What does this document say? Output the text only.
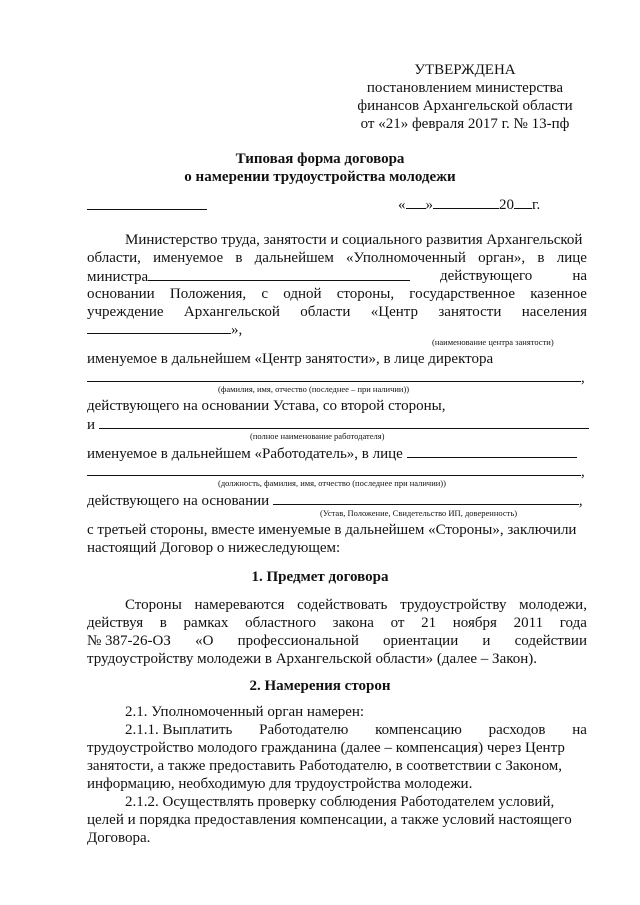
УТВЕРЖДЕНА
постановлением министерства
финансов Архангельской области
от «21» февраля 2017 г. № 13-пф
Типовая форма договора
о намерении трудоустройства молодежи
« »	20 г.
Министерство труда, занятости и социального развития Архангельской
области, именуемое в дальнейшем «Уполномоченный орган», в лице
министра	действующего	на
основании Положения, с одной стороны, государственное казенное
учреждение Архангельской области «Центр занятости населения
»,
(наименование центра занятости)
именуемое в дальнейшем «Центр занятости», в лице директора
,
(фамилия, имя, отчество (последнее – при наличии))
действующего на основании Устава, со второй стороны,
и
(полное наименование работодателя)
именуемое в дальнейшем «Работодатель», в лице
,
(должность, фамилия, имя, отчество (последнее при наличии))
действующего на основании	,
(Устав, Положение, Свидетельство ИП, доверенность)
с третьей стороны, вместе именуемые в дальнейшем «Стороны», заключили
настоящий Договор о нижеследующем:
1. Предмет договора
Стороны намереваются содействовать трудоустройству молодежи,
действуя в рамках областного закона от 21 ноября 2011 года
№ 387-26-ОЗ «О профессиональной ориентации и содействии
трудоустройству молодежи в Архангельской области» (далее – Закон).
2. Намерения сторон
2.1. Уполномоченный орган намерен:
2.1.1. Выплатить Работодателю компенсацию расходов на
трудоустройство молодого гражданина (далее – компенсация) через Центр
занятости, а также предоставить Работодателю, в соответствии с Законом,
информацию, необходимую для трудоустройства молодежи.
2.1.2. Осуществлять проверку соблюдения Работодателем условий,
целей и порядка предоставления компенсации, а также условий настоящего
Договора.
